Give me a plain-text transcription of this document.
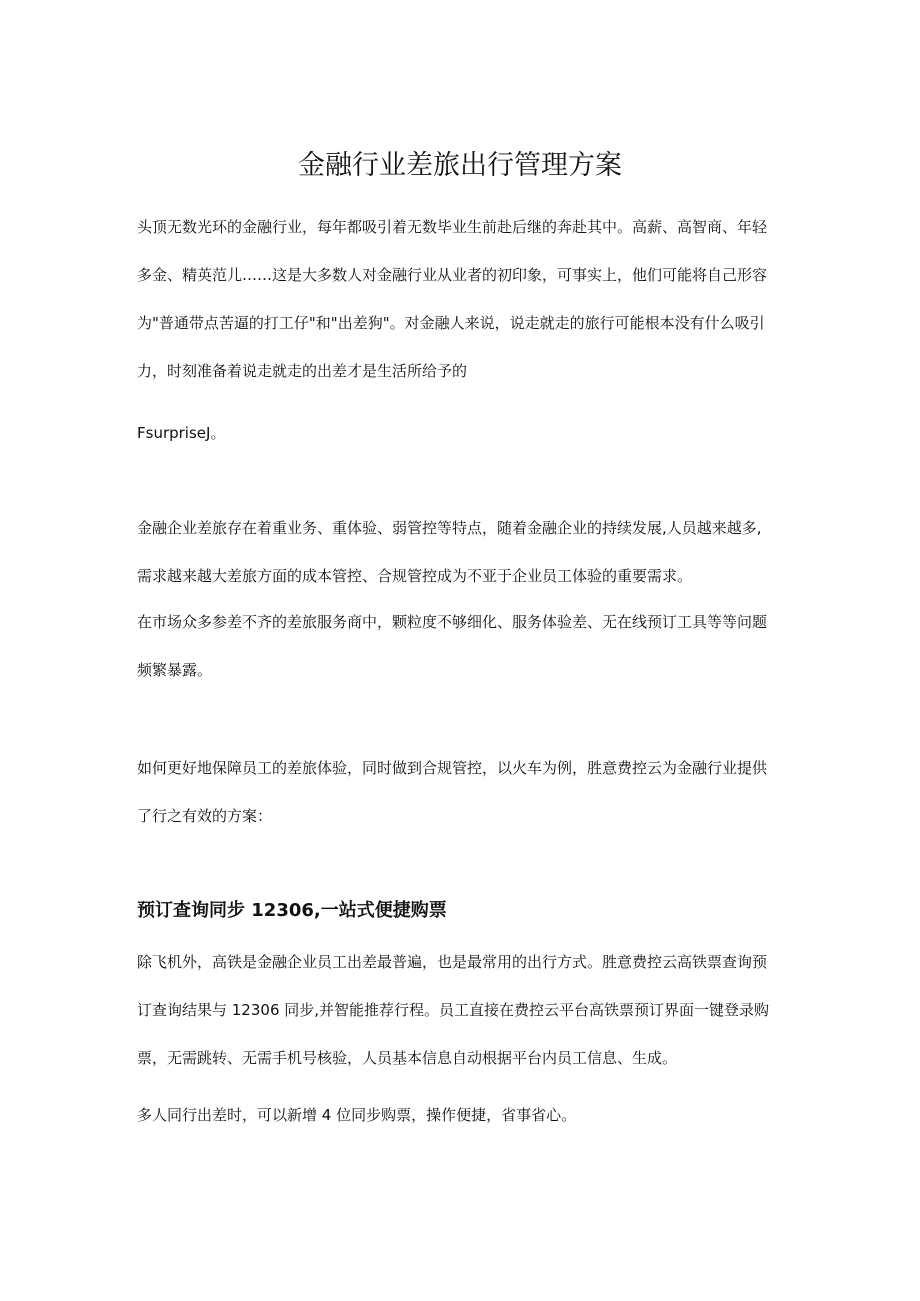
金融行业差旅出行管理方案

头顶无数光环的金融行业，每年都吸引着无数毕业生前赴后继的奔赴其中。高薪、高智商、年轻
多金、精英范儿……这是大多数人对金融行业从业者的初印象，可事实上，他们可能将自己形容
为"普通带点苦逼的打工仔"和"出差狗"。对金融人来说，说走就走的旅行可能根本没有什么吸引
力，时刻准备着说走就走的出差才是生活所给予的

FsurpriseJ。

金融企业差旅存在着重业务、重体验、弱管控等特点，随着金融企业的持续发展,人员越来越多,

需求越来越大差旅方面的成本管控、合规管控成为不亚于企业员工体验的重要需求。

在市场众多参差不齐的差旅服务商中，颗粒度不够细化、服务体验差、无在线预订工具等等问题
频繁暴露。

如何更好地保障员工的差旅体验，同时做到合规管控，以火车为例，胜意费控云为金融行业提供
了行之有效的方案：

预订查询同步 12306,一站式便捷购票

除飞机外，高铁是金融企业员工出差最普遍，也是最常用的出行方式。胜意费控云高铁票查询预
订查询结果与 12306 同步,并智能推荐行程。员工直接在费控云平台高铁票预订界面一键登录购
票，无需跳转、无需手机号核验，人员基本信息自动根据平台内员工信息、生成。

多人同行出差时，可以新增 4 位同步购票，操作便捷，省事省心。
